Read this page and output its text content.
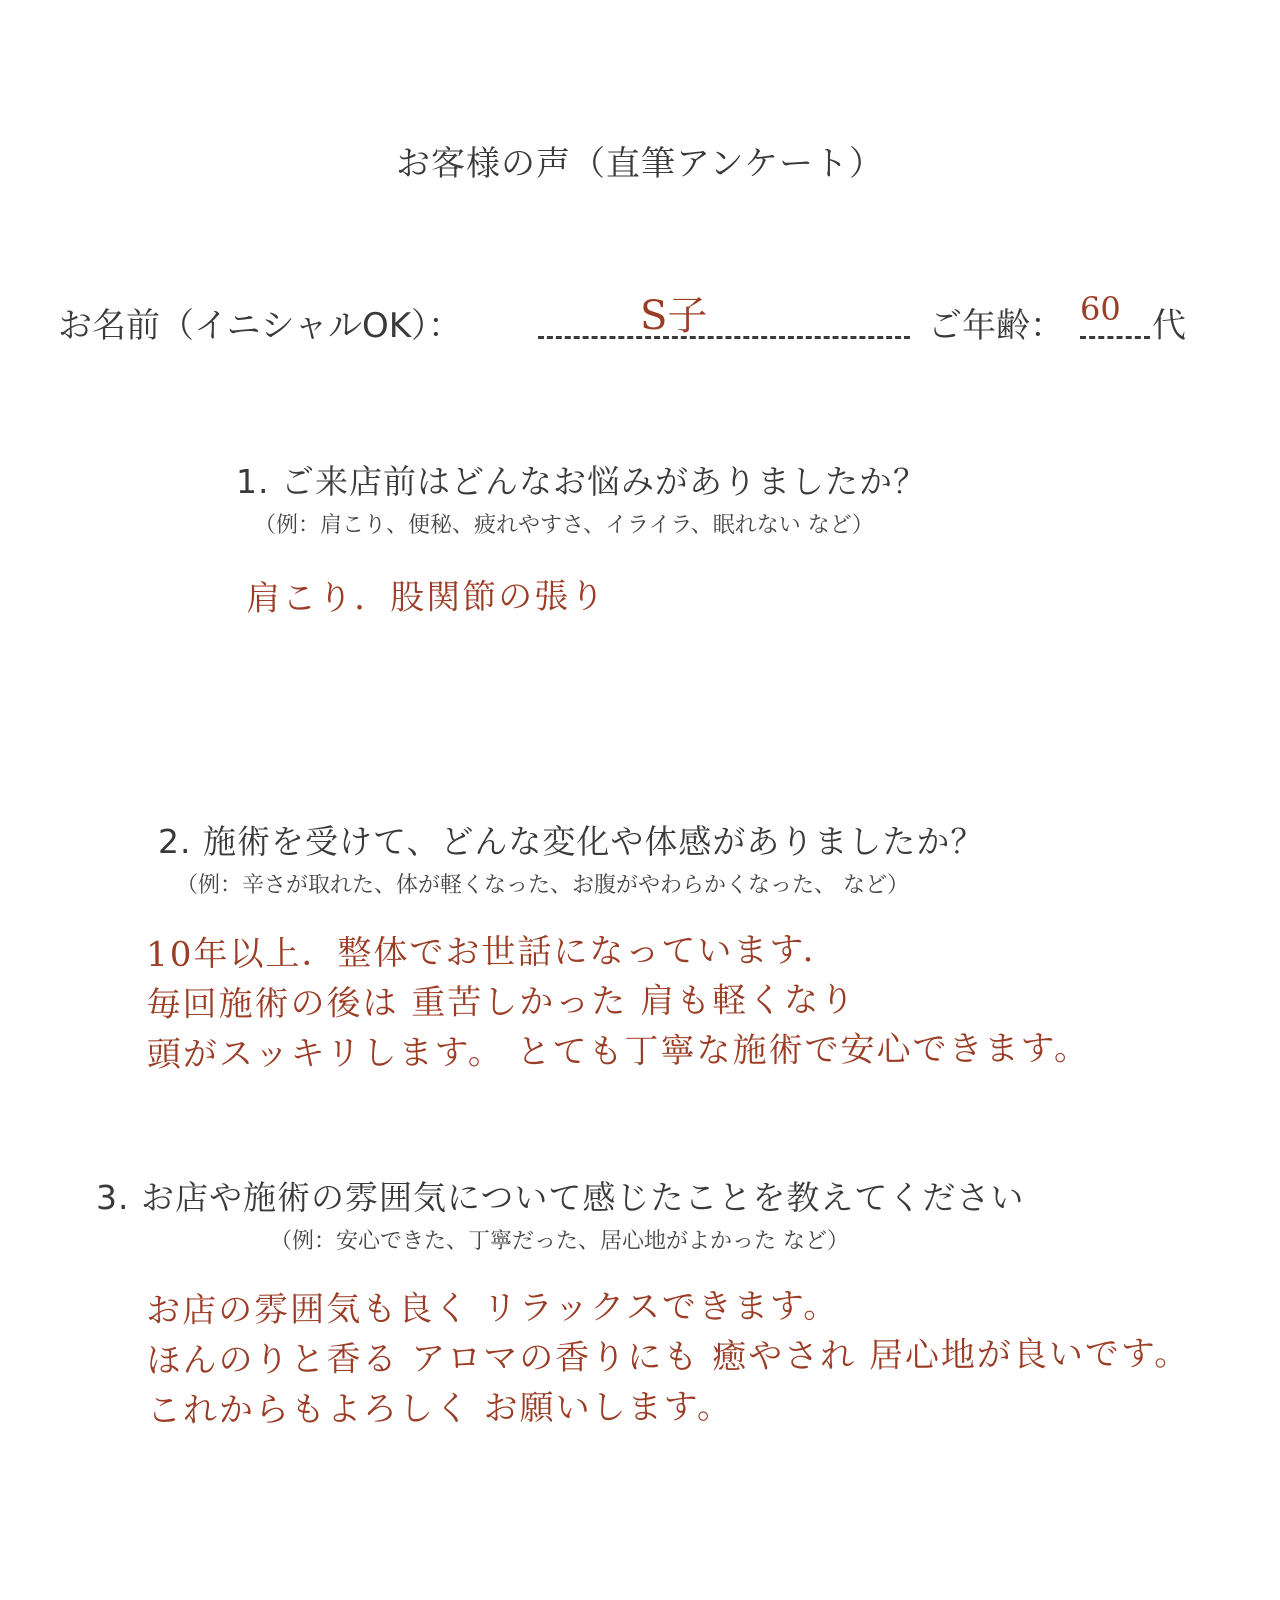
お客様の声（直筆アンケート）
お名前（イニシャルOK）：	S子	ご年齢： 60 代
1. ご来店前はどんなお悩みがありましたか？
（例：肩こり、便秘、疲れやすさ、イライラ、眠れない など）
肩こり．股関節の張り
2. 施術を受けて、どんな変化や体感がありましたか？
（例：辛さが取れた、体が軽くなった、お腹がやわらかくなった、 など）
10年以上．整体でお世話になっています．
毎回施術の後は 重苦しかった 肩も軽くなり
頭がスッキリします。 とても丁寧な施術で安心できます。
3. お店や施術の雰囲気について感じたことを教えてください
（例：安心できた、丁寧だった、居心地がよかった など）
お店の雰囲気も良く リラックスできます。
ほんのりと香る アロマの香りにも 癒やされ 居心地が良いです。
これからもよろしく お願いします。
